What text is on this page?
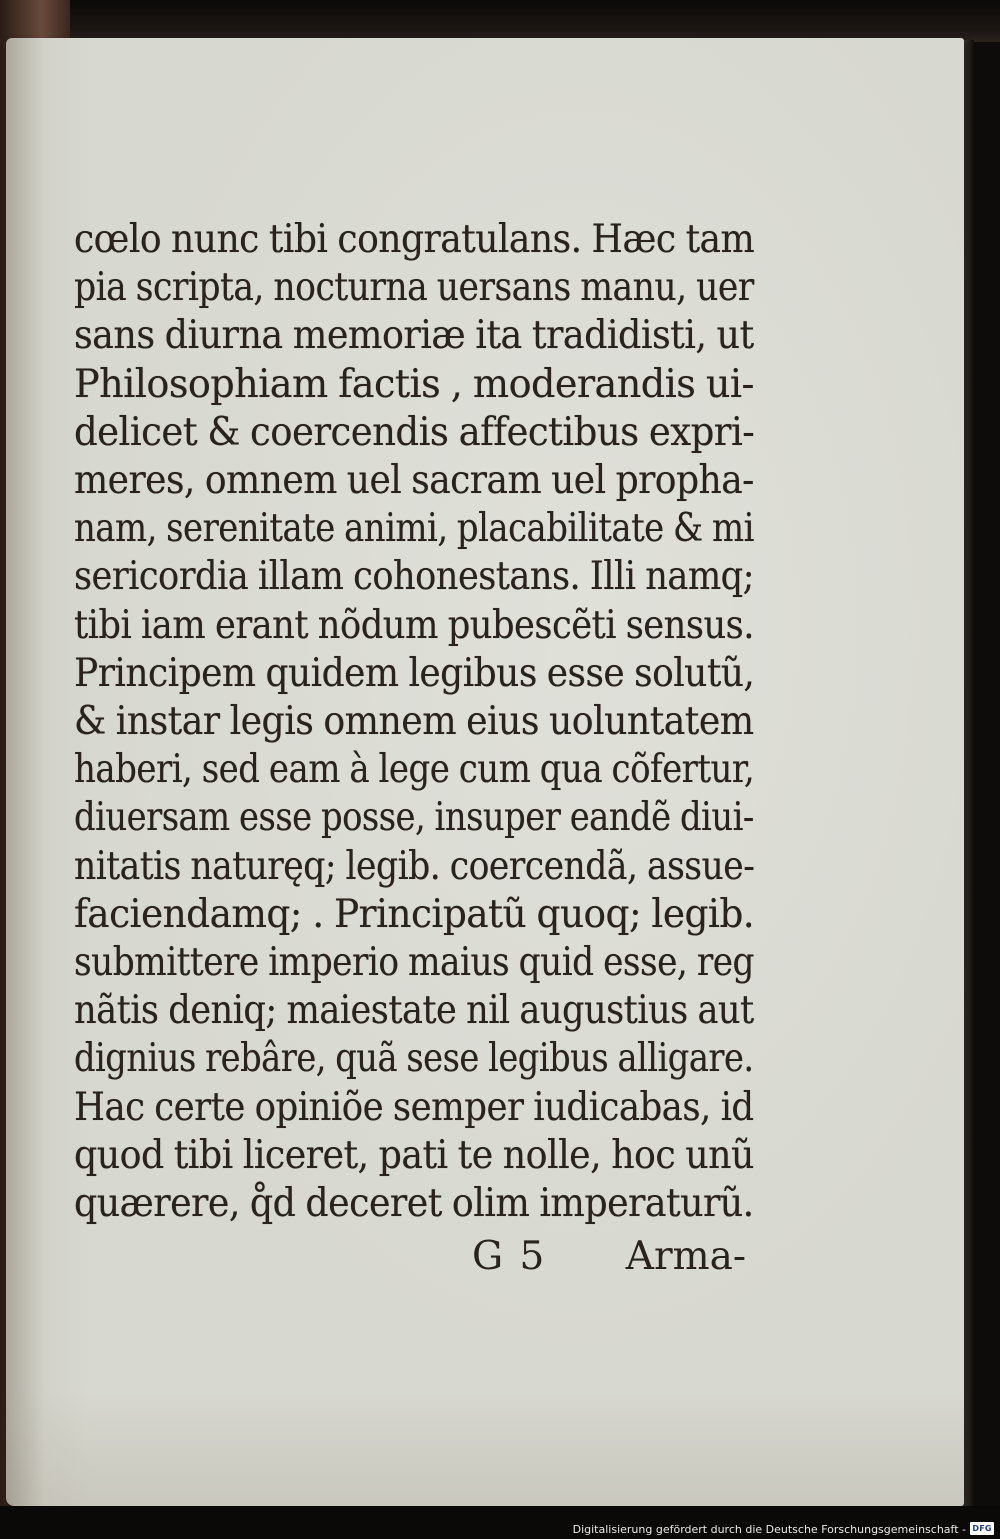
cœlo nunc tibi congratulans. Hæc tam
pia scripta, nocturna uersans manu, uer
sans diurna memoriæ ita tradidisti, ut
Philosophiam factis , moderandis ui-
delicet & coercendis affectibus expri-
meres, omnem uel sacram uel propha-
nam, serenitate animi, placabilitate & mi
sericordia illam cohonestans. Illi namq;
tibi iam erant nõdum pubescẽti sensus.
Principem quidem legibus esse solutũ,
& instar legis omnem eius uoluntatem
haberi, sed eam à lege cum qua cõfertur,
diuersam esse posse, insuper eandẽ diui-
nitatis naturęq; legib. coercendã, assue-
faciendamq; . Principatũ quoq; legib.
submittere imperio maius quid esse, reg
nãtis deniq; maiestate nil augustius aut
dignius rebâre, quã sese legibus alligare.
Hac certe opiniõe semper iudicabas, id
quod tibi liceret, pati te nolle, hoc unũ
quærere, q̊d deceret olim imperaturũ.
G 5 Arma-
Digitalisierung gefördert durch die Deutsche Forschungsgemeinschaft - DFG
